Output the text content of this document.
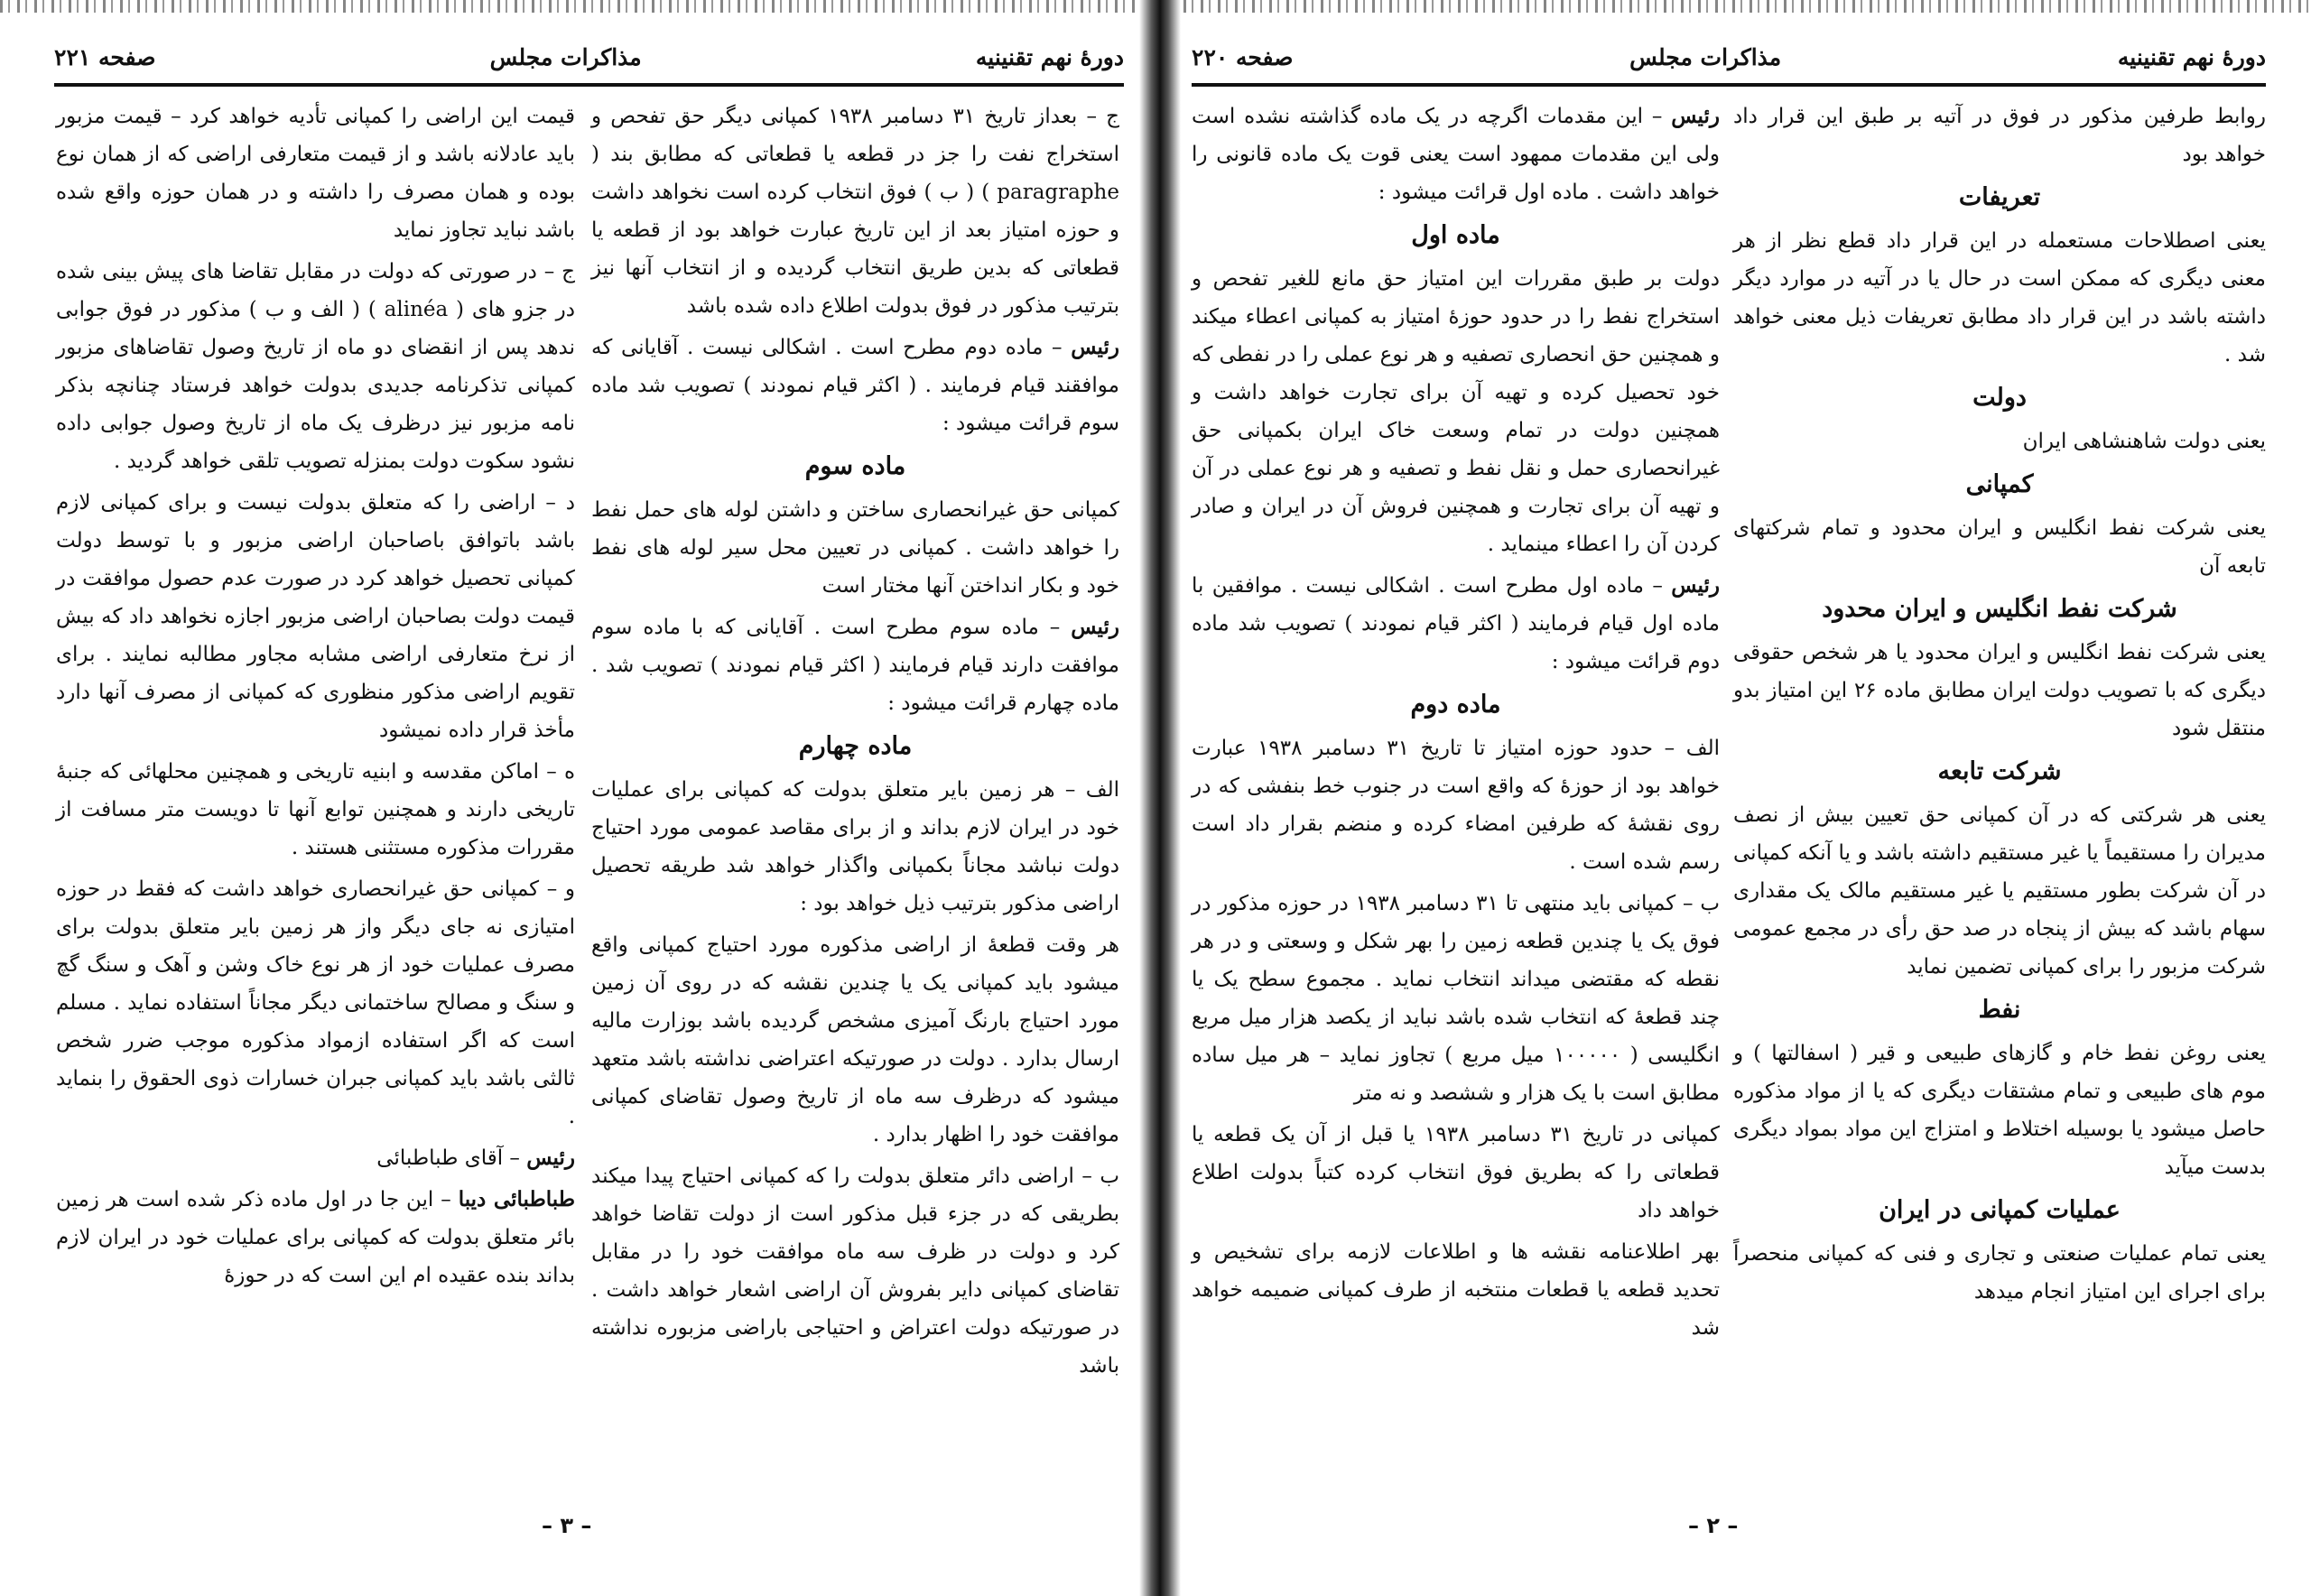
دورهٔ نهم تقنینیه
مذاکرات مجلس
صفحه ۲۲۱

ج – بعداز تاریخ ۳۱ دسامبر ۱۹۳۸ کمپانی دیگر حق تفحص و استخراج نفت را جز در قطعه یا قطعاتی که مطابق بند ( paragraphe ) ( ب ) فوق انتخاب کرده است نخواهد داشت و حوزه امتیاز بعد از این تاریخ عبارت خواهد بود از قطعه یا قطعاتی که بدین طریق انتخاب گردیده و از انتخاب آنها نیز بترتیب مذکور در فوق بدولت اطلاع داده شده باشد

رئیس – ماده دوم مطرح است . اشکالی نیست . آقایانی که موافقند قیام فرمایند . ( اکثر قیام نمودند ) تصویب شد ماده سوم قرائت میشود :

ماده سوم

کمپانی حق غیرانحصاری ساختن و داشتن لوله های حمل نفط را خواهد داشت . کمپانی در تعیین محل سیر لوله های نفط خود و بکار انداختن آنها مختار است

رئیس – ماده سوم مطرح است . آقایانی که با ماده سوم موافقت دارند قیام فرمایند ( اکثر قیام نمودند ) تصویب شد . ماده چهارم قرائت میشود :

ماده چهارم

الف – هر زمین بایر متعلق بدولت که کمپانی برای عملیات خود در ایران لازم بداند و از برای مقاصد عمومی مورد احتیاج دولت نباشد مجاناً بکمپانی واگذار خواهد شد طریقه تحصیل اراضی مذکور بترتیب ذیل خواهد بود :

هر وقت قطعهٔ از اراضی مذکوره مورد احتیاج کمپانی واقع میشود باید کمپانی یک یا چندین نقشه که در روی آن زمین مورد احتیاج بارنگ آمیزی مشخص گردیده باشد بوزارت مالیه ارسال بدارد . دولت در صورتیکه اعتراضی نداشته باشد متعهد میشود که درظرف سه ماه از تاریخ وصول تقاضای کمپانی موافقت خود را اظهار بدارد .

ب – اراضی دائر متعلق بدولت را که کمپانی احتیاج پیدا میکند بطریقی که در جزء قبل مذکور است از دولت تقاضا خواهد کرد و دولت در ظرف سه ماه موافقت خود را در مقابل تقاضای کمپانی دایر بفروش آن اراضی اشعار خواهد داشت . در صورتیکه دولت اعتراض و احتیاجی باراضی مزبوره نداشته باشد

قیمت این اراضی را کمپانی تأدیه خواهد کرد – قیمت مزبور باید عادلانه باشد و از قیمت متعارفی اراضی که از همان نوع بوده و همان مصرف را داشته و در همان حوزه واقع شده باشد نباید تجاوز نماید

ج – در صورتی که دولت در مقابل تقاضا های پیش بینی شده در جزو های ( alinéa ) ( الف و ب ) مذکور در فوق جوابی ندهد پس از انقضای دو ماه از تاریخ وصول تقاضاهای مزبور کمپانی تذکرنامه جدیدی بدولت خواهد فرستاد چنانچه بذکر نامه مزبور نیز درظرف یک ماه از تاریخ وصول جوابی داده نشود سکوت دولت بمنزله تصویب تلقی خواهد گردید .

د – اراضی را که متعلق بدولت نیست و برای کمپانی لازم باشد باتوافق باصاحبان اراضی مزبور و با توسط دولت کمپانی تحصیل خواهد کرد در صورت عدم حصول موافقت در قیمت دولت بصاحبان اراضی مزبور اجازه نخواهد داد که بیش از نرخ متعارفی اراضی مشابه مجاور مطالبه نمایند . برای تقویم اراضی مذکور منظوری که کمپانی از مصرف آنها دارد مأخذ قرار داده نمیشود

ه – اماکن مقدسه و ابنیه تاریخی و همچنین محلهائی که جنبهٔ تاریخی دارند و همچنین توابع آنها تا دویست متر مسافت از مقررات مذکوره مستثنی هستند .

و – کمپانی حق غیرانحصاری خواهد داشت که فقط در حوزه امتیازی نه جای دیگر واز هر زمین بایر متعلق بدولت برای مصرف عملیات خود از هر نوع خاک وشن و آهک و سنگ گچ و سنگ و مصالح ساختمانی دیگر مجاناً استفاده نماید . مسلم است که اگر استفاده ازمواد مذکوره موجب ضرر شخص ثالثی باشد باید کمپانی جبران خسارات ذوی الحقوق را بنماید .

رئیس – آقای طباطبائی

طباطبائی دیبا – این جا در اول ماده ذکر شده است هر زمین بائر متعلق بدولت که کمپانی برای عملیات خود در ایران لازم بداند بنده عقیده ام این است که در حوزهٔ

– ۳ –
دورهٔ نهم تقنینیه
مذاکرات مجلس
صفحه ۲۲۰

روابط طرفین مذکور در فوق در آتیه بر طبق این قرار داد خواهد بود

تعریفات

یعنی اصطلاحات مستعمله در این قرار داد قطع نظر از هر معنی دیگری که ممکن است در حال یا در آتیه در موارد دیگر داشته باشد در این قرار داد مطابق تعریفات ذیل معنی خواهد شد .

دولت

یعنی دولت شاهنشاهی ایران

کمپانی

یعنی شرکت نفط انگلیس و ایران محدود و تمام شرکتهای تابعه آن

شرکت نفط انگلیس و ایران محدود

یعنی شرکت نفط انگلیس و ایران محدود یا هر شخص حقوقی دیگری که با تصویب دولت ایران مطابق ماده ۲۶ این امتیاز بدو منتقل شود

شرکت تابعه

یعنی هر شرکتی که در آن کمپانی حق تعیین بیش از نصف مدیران را مستقیماً یا غیر مستقیم داشته باشد و یا آنکه کمپانی در آن شرکت بطور مستقیم یا غیر مستقیم مالک یک مقداری سهام باشد که بیش از پنجاه در صد حق رأی در مجمع عمومی شرکت مزبور را برای کمپانی تضمین نماید

نفط

یعنی روغن نفط خام و گازهای طبیعی و قیر ( اسفالتها ) و موم های طبیعی و تمام مشتقات دیگری که یا از مواد مذکوره حاصل میشود یا بوسیله اختلاط و امتزاج این مواد بمواد دیگری بدست میآید

عملیات کمپانی در ایران

یعنی تمام عملیات صنعتی و تجاری و فنی که کمپانی منحصراً برای اجرای این امتیاز انجام میدهد

رئیس – این مقدمات اگرچه در یک ماده گذاشته نشده است ولی این مقدمات ممهود است یعنی قوت یک ماده قانونی را خواهد داشت . ماده اول قرائت میشود :

ماده اول

دولت بر طبق مقررات این امتیاز حق مانع للغیر تفحص و استخراج نفط را در حدود حوزهٔ امتیاز به کمپانی اعطاء میکند و همچنین حق انحصاری تصفیه و هر نوع عملی را در نفطی که خود تحصیل کرده و تهیه آن برای تجارت خواهد داشت و همچنین دولت در تمام وسعت خاک ایران بکمپانی حق غیرانحصاری حمل و نقل نفط و تصفیه و هر نوع عملی در آن و تهیه آن برای تجارت و همچنین فروش آن در ایران و صادر کردن آن را اعطاء مینماید .

رئیس – ماده اول مطرح است . اشکالی نیست . موافقین با ماده اول قیام فرمایند ( اکثر قیام نمودند ) تصویب شد ماده دوم قرائت میشود :

ماده دوم

الف – حدود حوزه امتیاز تا تاریخ ۳۱ دسامبر ۱۹۳۸ عبارت خواهد بود از حوزهٔ که واقع است در جنوب خط بنفشی که در روی نقشهٔ که طرفین امضاء کرده و منضم بقرار داد است رسم شده است .

ب – کمپانی باید منتهی تا ۳۱ دسامبر ۱۹۳۸ در حوزه مذکور در فوق یک یا چندین قطعه زمین را بهر شکل و وسعتی و در هر نقطه که مقتضی میداند انتخاب نماید . مجموع سطح یک یا چند قطعهٔ که انتخاب شده باشد نباید از یکصد هزار میل مربع انگلیسی ( ۱۰۰۰۰۰ میل مربع ) تجاوز نماید – هر میل ساده مطابق است با یک هزار و ششصد و نه متر

کمپانی در تاریخ ۳۱ دسامبر ۱۹۳۸ یا قبل از آن یک قطعه یا قطعاتی را که بطریق فوق انتخاب کرده کتباً بدولت اطلاع خواهد داد

بهر اطلاعنامه نقشه ها و اطلاعات لازمه برای تشخیص و تحدید قطعه یا قطعات منتخبه از طرف کمپانی ضمیمه خواهد شد

– ۲ –
